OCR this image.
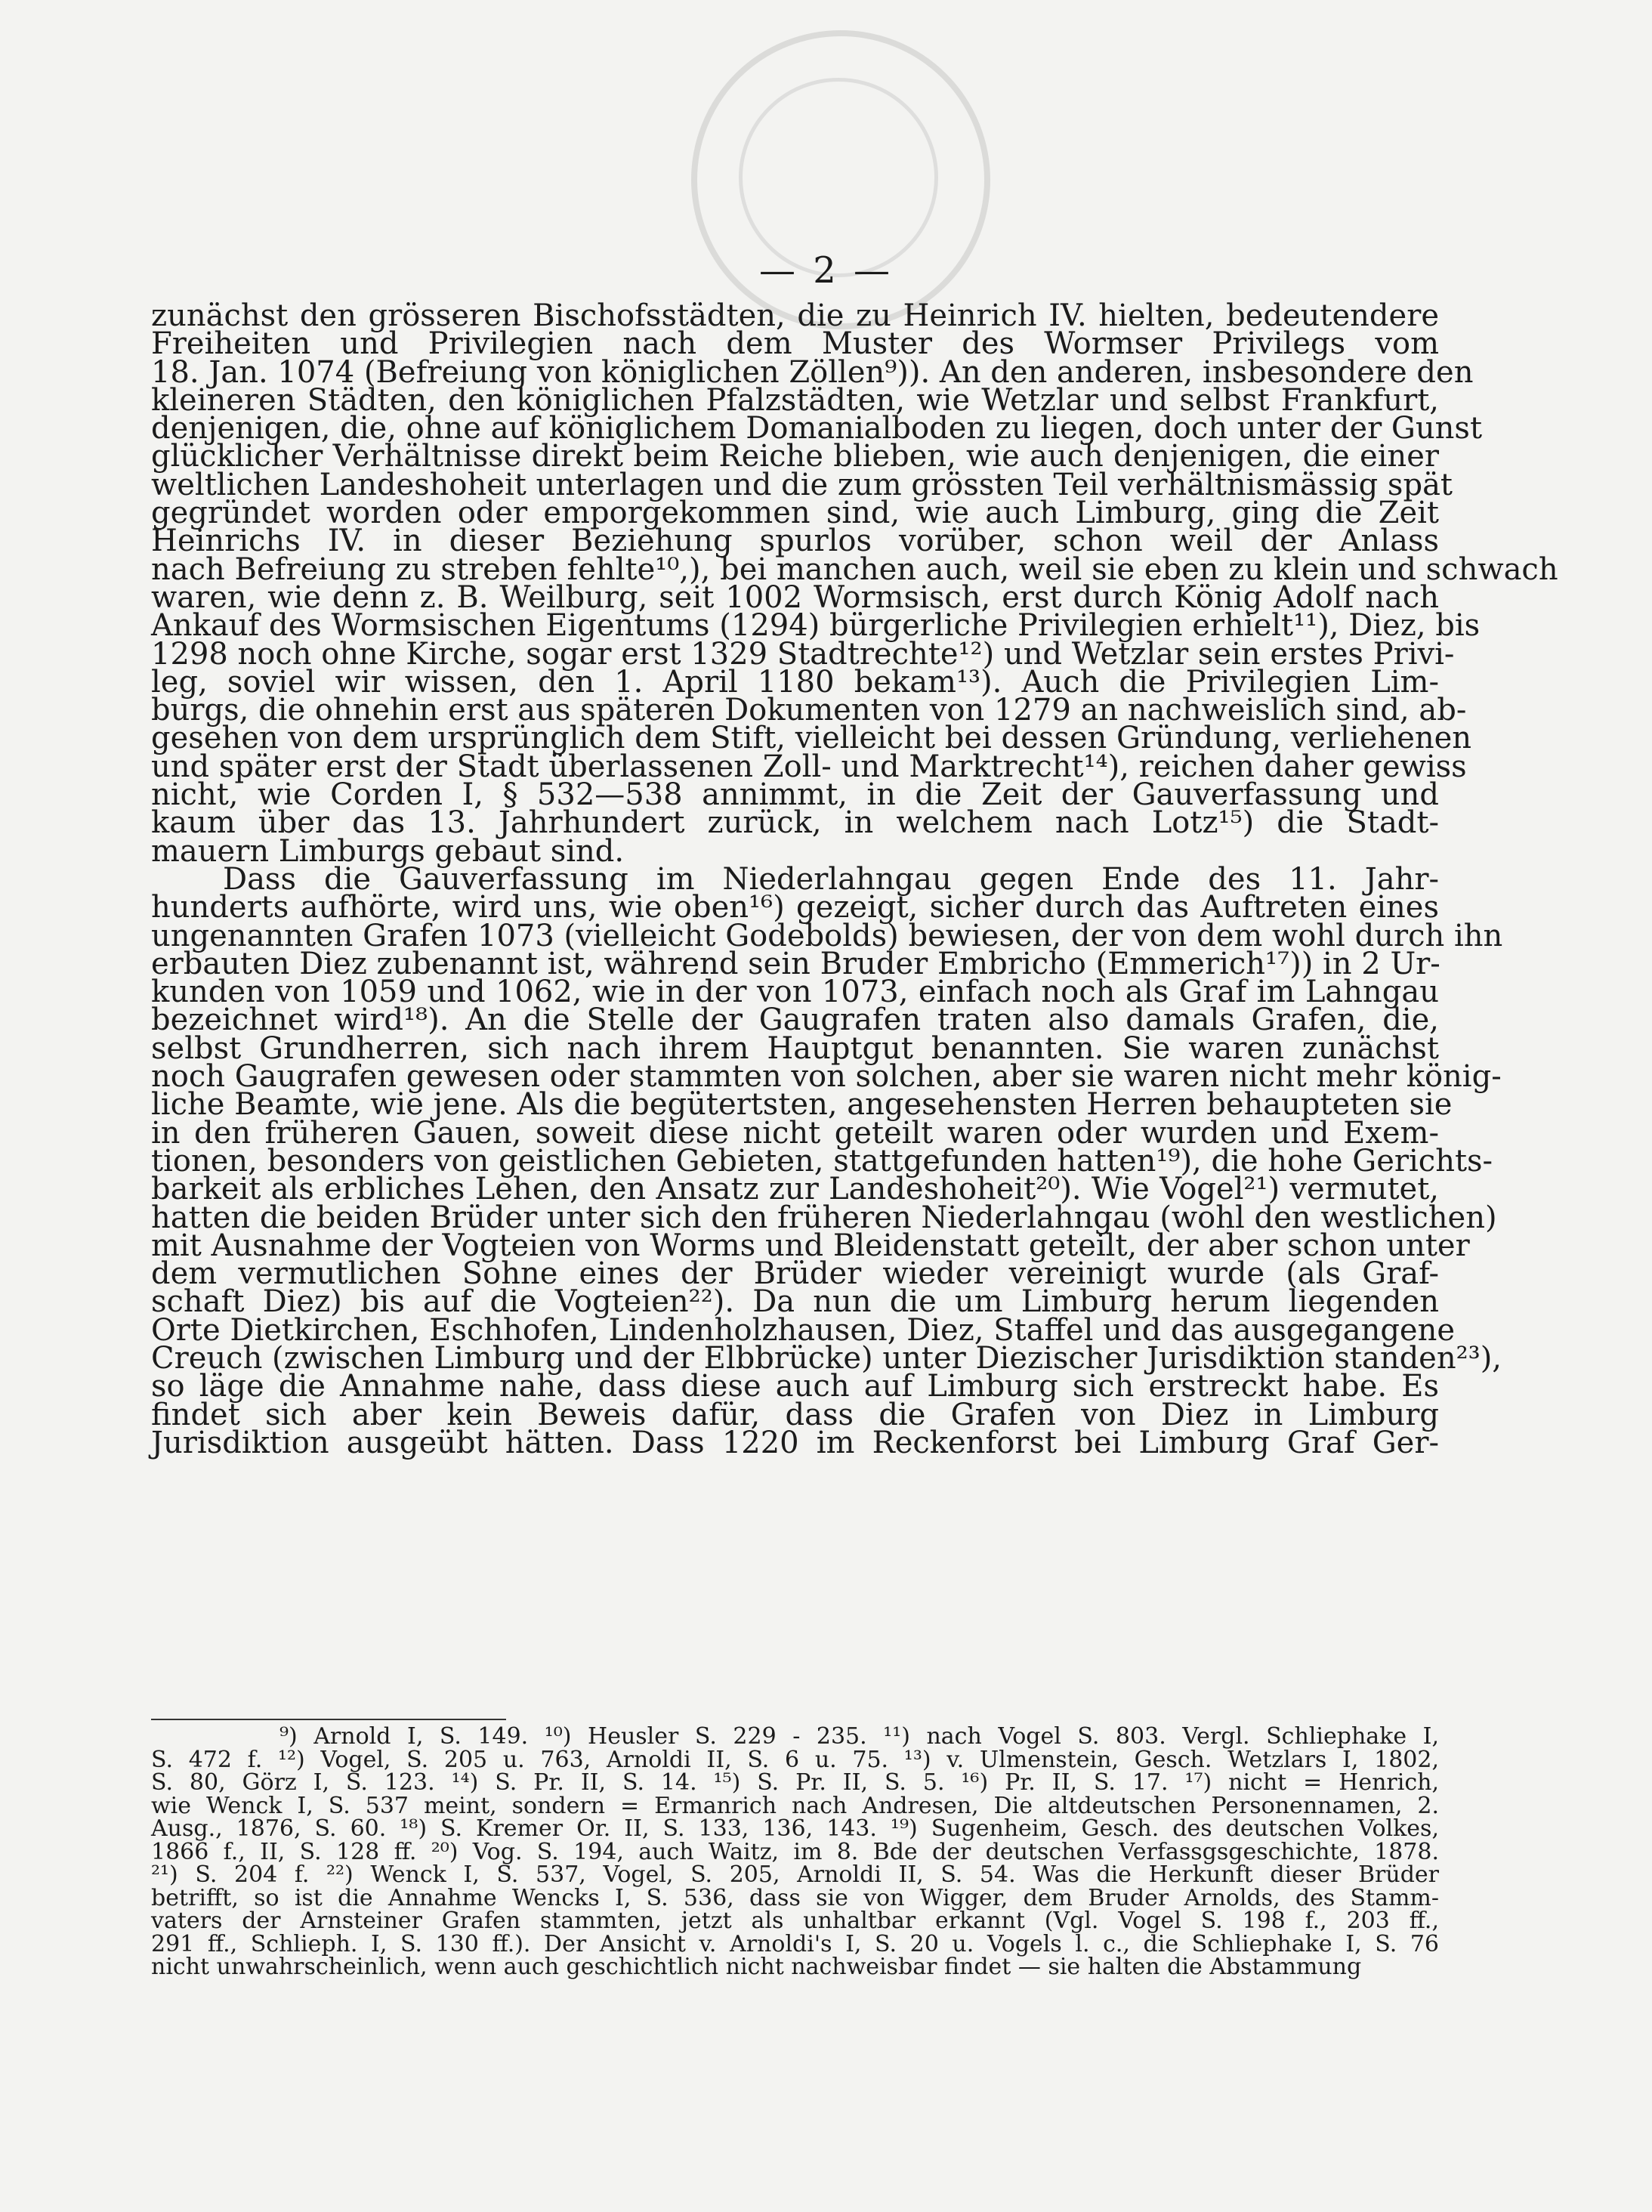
— 2 —
zunächst den grösseren Bischofsstädten, die zu Heinrich IV. hielten, bedeutendere
Freiheiten und Privilegien nach dem Muster des Wormser Privilegs vom
18. Jan. 1074 (Befreiung von königlichen Zöllen⁹)). An den anderen, insbesondere den
kleineren Städten, den königlichen Pfalzstädten, wie Wetzlar und selbst Frankfurt,
denjenigen, die, ohne auf königlichem Domanialboden zu liegen, doch unter der Gunst
glücklicher Verhältnisse direkt beim Reiche blieben, wie auch denjenigen, die einer
weltlichen Landeshoheit unterlagen und die zum grössten Teil verhältnismässig spät
gegründet worden oder emporgekommen sind, wie auch Limburg, ging die Zeit
Heinrichs IV. in dieser Beziehung spurlos vorüber, schon weil der Anlass
nach Befreiung zu streben fehlte¹⁰,), bei manchen auch, weil sie eben zu klein und schwach
waren, wie denn z. B. Weilburg, seit 1002 Wormsisch, erst durch König Adolf nach
Ankauf des Wormsischen Eigentums (1294) bürgerliche Privilegien erhielt¹¹), Diez, bis
1298 noch ohne Kirche, sogar erst 1329 Stadtrechte¹²) und Wetzlar sein erstes Privi-
leg, soviel wir wissen, den 1. April 1180 bekam¹³). Auch die Privilegien Lim-
burgs, die ohnehin erst aus späteren Dokumenten von 1279 an nachweislich sind, ab-
gesehen von dem ursprünglich dem Stift, vielleicht bei dessen Gründung, verliehenen
und später erst der Stadt überlassenen Zoll- und Marktrecht¹⁴), reichen daher gewiss
nicht, wie Corden I, § 532—538 annimmt, in die Zeit der Gauverfassung und
kaum über das 13. Jahrhundert zurück, in welchem nach Lotz¹⁵) die Stadt-
mauern Limburgs gebaut sind.
Dass die Gauverfassung im Niederlahngau gegen Ende des 11. Jahr-
hunderts aufhörte, wird uns, wie oben¹⁶) gezeigt, sicher durch das Auftreten eines
ungenannten Grafen 1073 (vielleicht Godebolds) bewiesen, der von dem wohl durch ihn
erbauten Diez zubenannt ist, während sein Bruder Embricho (Emmerich¹⁷)) in 2 Ur-
kunden von 1059 und 1062, wie in der von 1073, einfach noch als Graf im Lahngau
bezeichnet wird¹⁸). An die Stelle der Gaugrafen traten also damals Grafen, die,
selbst Grundherren, sich nach ihrem Hauptgut benannten. Sie waren zunächst
noch Gaugrafen gewesen oder stammten von solchen, aber sie waren nicht mehr könig-
liche Beamte, wie jene. Als die begütertsten, angesehensten Herren behaupteten sie
in den früheren Gauen, soweit diese nicht geteilt waren oder wurden und Exem-
tionen, besonders von geistlichen Gebieten, stattgefunden hatten¹⁹), die hohe Gerichts-
barkeit als erbliches Lehen, den Ansatz zur Landeshoheit²⁰). Wie Vogel²¹) vermutet,
hatten die beiden Brüder unter sich den früheren Niederlahngau (wohl den westlichen)
mit Ausnahme der Vogteien von Worms und Bleidenstatt geteilt, der aber schon unter
dem vermutlichen Sohne eines der Brüder wieder vereinigt wurde (als Graf-
schaft Diez) bis auf die Vogteien²²). Da nun die um Limburg herum liegenden
Orte Dietkirchen, Eschhofen, Lindenholzhausen, Diez, Staffel und das ausgegangene
Creuch (zwischen Limburg und der Elbbrücke) unter Diezischer Jurisdiktion standen²³),
so läge die Annahme nahe, dass diese auch auf Limburg sich erstreckt habe. Es
findet sich aber kein Beweis dafür, dass die Grafen von Diez in Limburg
Jurisdiktion ausgeübt hätten. Dass 1220 im Reckenforst bei Limburg Graf Ger-
⁹) Arnold I, S. 149. ¹⁰) Heusler S. 229 - 235. ¹¹) nach Vogel S. 803. Vergl. Schliephake I,
S. 472 f. ¹²) Vogel, S. 205 u. 763, Arnoldi II, S. 6 u. 75. ¹³) v. Ulmenstein, Gesch. Wetzlars I, 1802,
S. 80, Görz I, S. 123. ¹⁴) S. Pr. II, S. 14. ¹⁵) S. Pr. II, S. 5. ¹⁶) Pr. II, S. 17. ¹⁷) nicht = Henrich,
wie Wenck I, S. 537 meint, sondern = Ermanrich nach Andresen, Die altdeutschen Personennamen, 2.
Ausg., 1876, S. 60. ¹⁸) S. Kremer Or. II, S. 133, 136, 143. ¹⁹) Sugenheim, Gesch. des deutschen Volkes,
1866 f., II, S. 128 ff. ²⁰) Vog. S. 194, auch Waitz, im 8. Bde der deutschen Verfassgsgeschichte, 1878.
²¹) S. 204 f. ²²) Wenck I, S. 537, Vogel, S. 205, Arnoldi II, S. 54. Was die Herkunft dieser Brüder
betrifft, so ist die Annahme Wencks I, S. 536, dass sie von Wigger, dem Bruder Arnolds, des Stamm-
vaters der Arnsteiner Grafen stammten, jetzt als unhaltbar erkannt (Vgl. Vogel S. 198 f., 203 ff.,
291 ff., Schlieph. I, S. 130 ff.). Der Ansicht v. Arnoldi's I, S. 20 u. Vogels l. c., die Schliephake I, S. 76
nicht unwahrscheinlich, wenn auch geschichtlich nicht nachweisbar findet — sie halten die Abstammung
